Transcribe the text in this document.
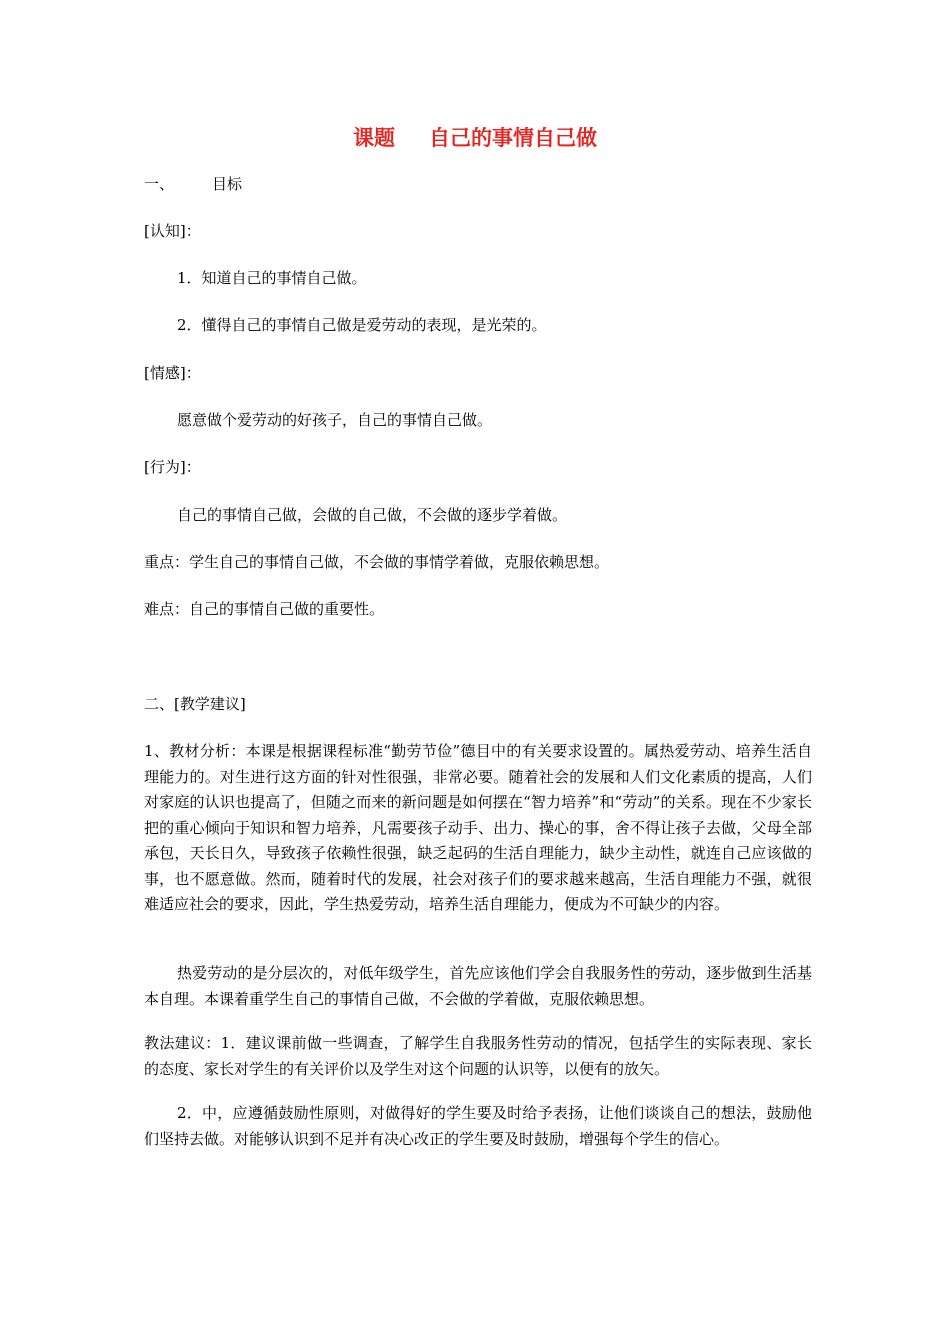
课题 自己的事情自己做
一、	目标
[认知]：
1．知道自己的事情自己做。
2．懂得自己的事情自己做是爱劳动的表现，是光荣的。
[情感]：
愿意做个爱劳动的好孩子，自己的事情自己做。
[行为]：
自己的事情自己做，会做的自己做，不会做的逐步学着做。
重点：学生自己的事情自己做，不会做的事情学着做，克服依赖思想。
难点：自己的事情自己做的重要性。
二、[教学建议]

1、教材分析：本课是根据课程标准“勤劳节俭”德目中的有关要求设置的。属热爱劳动、培养生活自理能力的。对生进行这方面的针对性很强，非常必要。随着社会的发展和人们文化素质的提高，人们对家庭的认识也提高了，但随之而来的新问题是如何摆在“智力培养”和“劳动”的关系。现在不少家长把的重心倾向于知识和智力培养，凡需要孩子动手、出力、操心的事，舍不得让孩子去做，父母全部承包，天长日久，导致孩子依赖性很强，缺乏起码的生活自理能力，缺少主动性，就连自己应该做的事，也不愿意做。然而，随着时代的发展，社会对孩子们的要求越来越高，生活自理能力不强，就很难适应社会的要求，因此，学生热爱劳动，培养生活自理能力，便成为不可缺少的内容。

热爱劳动的是分层次的，对低年级学生，首先应该他们学会自我服务性的劳动，逐步做到生活基本自理。本课着重学生自己的事情自己做，不会做的学着做，克服依赖思想。

教法建议：1．建议课前做一些调查，了解学生自我服务性劳动的情况，包括学生的实际表现、家长的态度、家长对学生的有关评价以及学生对这个问题的认识等，以便有的放矢。

2．中，应遵循鼓励性原则，对做得好的学生要及时给予表扬，让他们谈谈自己的想法，鼓励他们坚持去做。对能够认识到不足并有决心改正的学生要及时鼓励，增强每个学生的信心。
